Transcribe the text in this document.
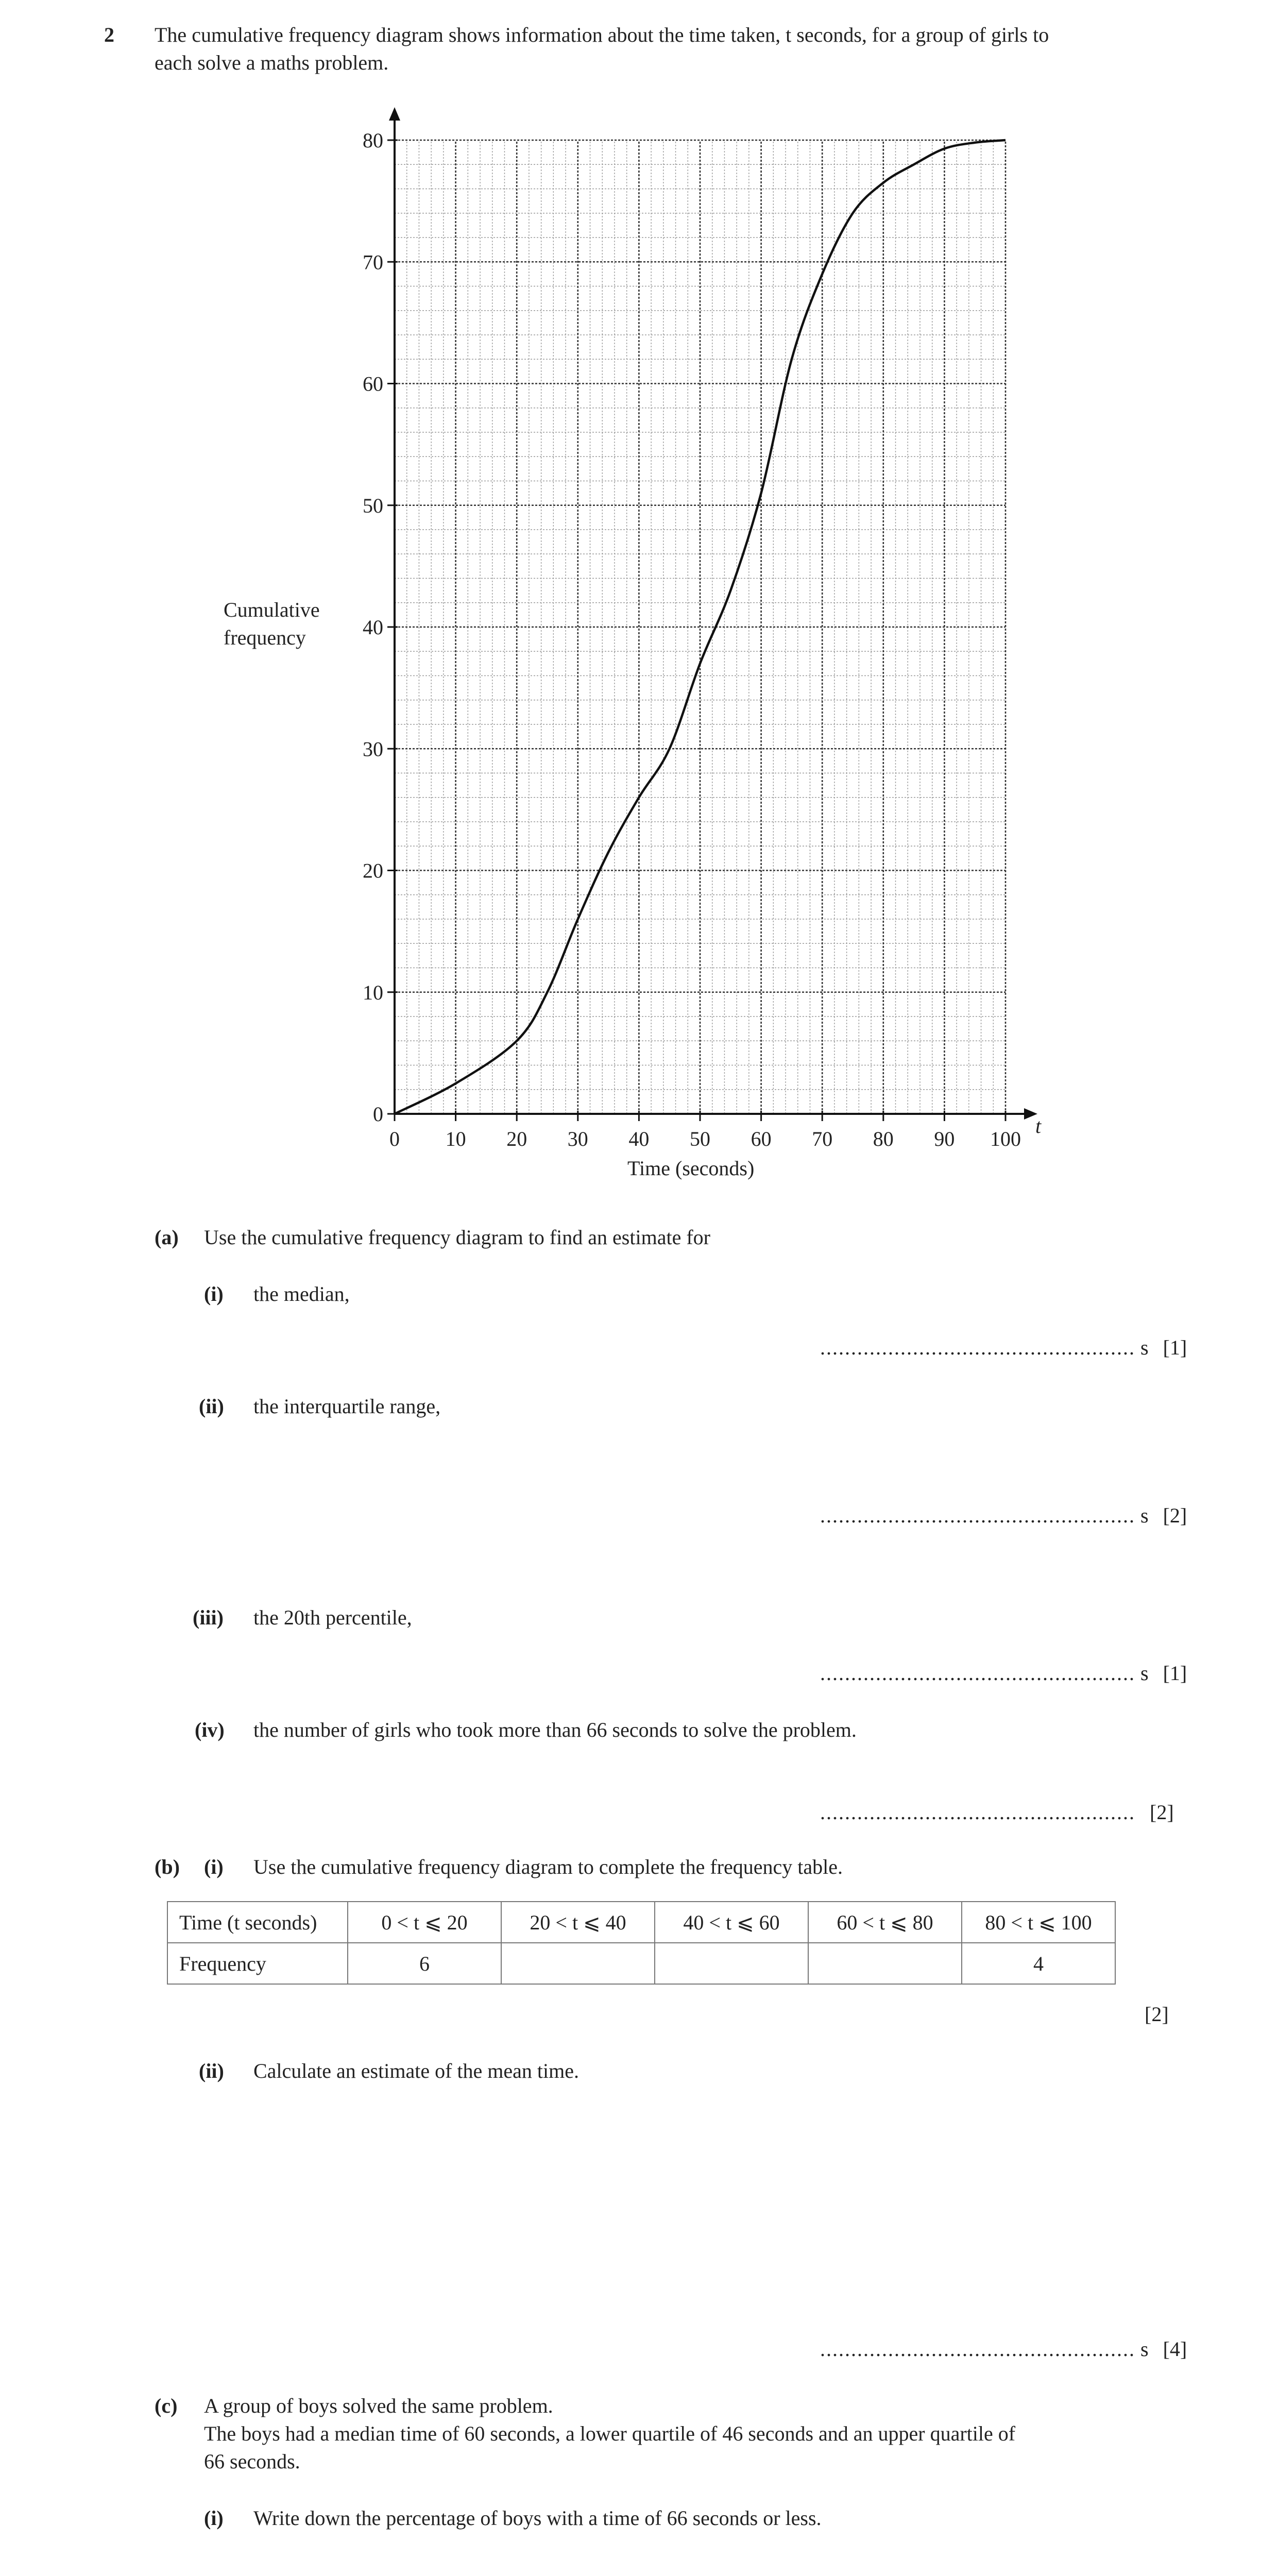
2 The cumulative frequency diagram shows information about the time taken, t seconds, for a group of girls to
each solve a maths problem.
0 10 20 30 40 50 60 70 80 90 100
0
10
20
30
40
50
60
70
80
Cumulative
frequency
Time (seconds)
t
(a) Use the cumulative frequency diagram to find an estimate for
(i) the median,
................................................... s [1]
(ii) the interquartile range,
................................................... s [2]
(iii) the 20th percentile,
................................................... s [1]
(iv) the number of girls who took more than 66 seconds to solve the problem.
................................................... [2]
(b) (i) Use the cumulative frequency diagram to complete the frequency table.
Time (t seconds)	0 < t ⩽ 20	20 < t ⩽ 40	40 < t ⩽ 60	60 < t ⩽ 80	80 < t ⩽ 100
Frequency	6				4
[2]
(ii) Calculate an estimate of the mean time.
................................................... s [4]
(c) A group of boys solved the same problem.
The boys had a median time of 60 seconds, a lower quartile of 46 seconds and an upper quartile of
66 seconds.
(i) Write down the percentage of boys with a time of 66 seconds or less.
